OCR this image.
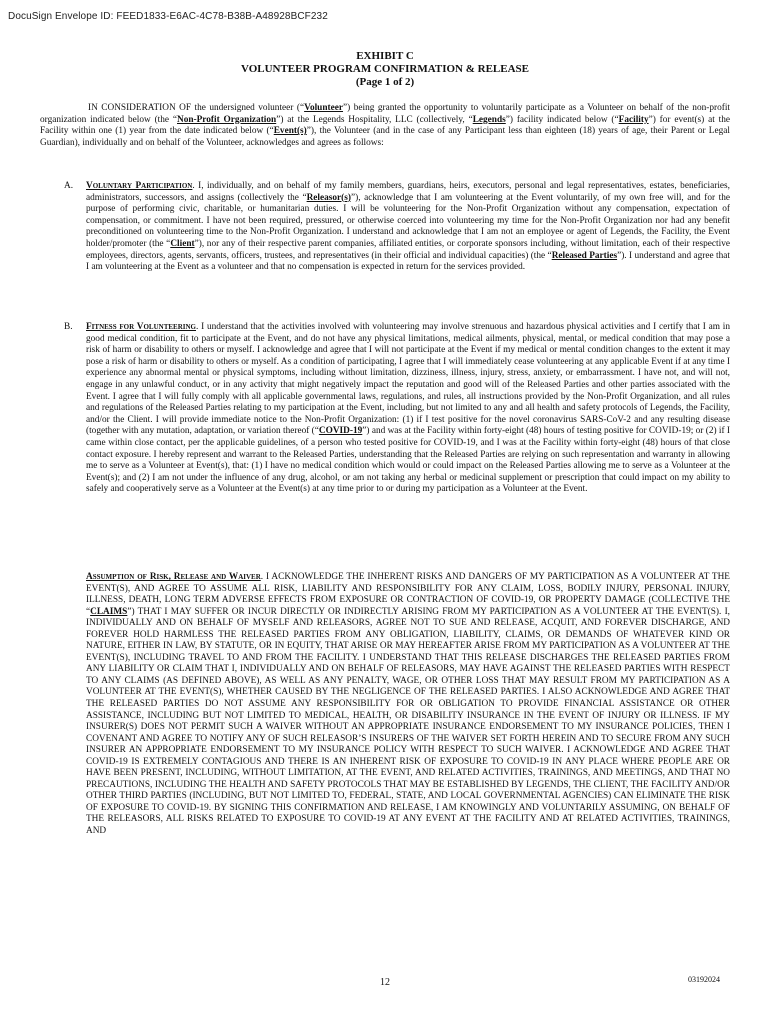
DocuSign Envelope ID: FEED1833-E6AC-4C78-B38B-A48928BCF232
EXHIBIT C
VOLUNTEER PROGRAM CONFIRMATION & RELEASE
(Page 1 of 2)
IN CONSIDERATION OF the undersigned volunteer (“Volunteer”) being granted the opportunity to voluntarily participate as a Volunteer on behalf of the non-profit organization indicated below (the “Non-Profit Organization”) at the Legends Hospitality, LLC (collectively, “Legends”) facility indicated below (“Facility”) for event(s) at the Facility within one (1) year from the date indicated below (“Event(s)”), the Volunteer (and in the case of any Participant less than eighteen (18) years of age, their Parent or Legal Guardian), individually and on behalf of the Volunteer, acknowledges and agrees as follows:
A. Voluntary Participation. I, individually, and on behalf of my family members, guardians, heirs, executors, personal and legal representatives, estates, beneficiaries, administrators, successors, and assigns (collectively the “Releasor(s)”), acknowledge that I am volunteering at the Event voluntarily, of my own free will, and for the purpose of performing civic, charitable, or humanitarian duties. I will be volunteering for the Non-Profit Organization without any compensation, expectation of compensation, or commitment. I have not been required, pressured, or otherwise coerced into volunteering my time for the Non-Profit Organization nor had any benefit preconditioned on volunteering time to the Non-Profit Organization. I understand and acknowledge that I am not an employee or agent of Legends, the Facility, the Event holder/promoter (the “Client”), nor any of their respective parent companies, affiliated entities, or corporate sponsors including, without limitation, each of their respective employees, directors, agents, servants, officers, trustees, and representatives (in their official and individual capacities) (the “Released Parties”). I understand and agree that I am volunteering at the Event as a volunteer and that no compensation is expected in return for the services provided.
B. Fitness for Volunteering. I understand that the activities involved with volunteering may involve strenuous and hazardous physical activities and I certify that I am in good medical condition, fit to participate at the Event, and do not have any physical limitations, medical ailments, physical, mental, or medical condition that may pose a risk of harm or disability to others or myself. I acknowledge and agree that I will not participate at the Event if my medical or mental condition changes to the extent it may pose a risk of harm or disability to others or myself. As a condition of participating, I agree that I will immediately cease volunteering at any applicable Event if at any time I experience any abnormal mental or physical symptoms, including without limitation, dizziness, illness, injury, stress, anxiety, or embarrassment. I have not, and will not, engage in any unlawful conduct, or in any activity that might negatively impact the reputation and good will of the Released Parties and other parties associated with the Event. I agree that I will fully comply with all applicable governmental laws, regulations, and rules, all instructions provided by the Non-Profit Organization, and all rules and regulations of the Released Parties relating to my participation at the Event, including, but not limited to any and all health and safety protocols of Legends, the Facility, and/or the Client. I will provide immediate notice to the Non-Profit Organization: (1) if I test positive for the novel coronavirus SARS-CoV-2 and any resulting disease (together with any mutation, adaptation, or variation thereof (“COVID-19”) and was at the Facility within forty-eight (48) hours of testing positive for COVID-19; or (2) if I came within close contact, per the applicable guidelines, of a person who tested positive for COVID-19, and I was at the Facility within forty-eight (48) hours of that close contact exposure. I hereby represent and warrant to the Released Parties, understanding that the Released Parties are relying on such representation and warranty in allowing me to serve as a Volunteer at Event(s), that: (1) I have no medical condition which would or could impact on the Released Parties allowing me to serve as a Volunteer at the Event(s); and (2) I am not under the influence of any drug, alcohol, or am not taking any herbal or medicinal supplement or prescription that could impact on my ability to safely and cooperatively serve as a Volunteer at the Event(s) at any time prior to or during my participation as a Volunteer at the Event.
Assumption of Risk, Release and Waiver. I ACKNOWLEDGE THE INHERENT RISKS AND DANGERS OF MY PARTICIPATION AS A VOLUNTEER AT THE EVENT(S), AND AGREE TO ASSUME ALL RISK, LIABILITY AND RESPONSIBILITY FOR ANY CLAIM, LOSS, BODILY INJURY, PERSONAL INJURY, ILLNESS, DEATH, LONG TERM ADVERSE EFFECTS FROM EXPOSURE OR CONTRACTION OF COVID-19, OR PROPERTY DAMAGE (COLLECTIVE THE “CLAIMS”) THAT I MAY SUFFER OR INCUR DIRECTLY OR INDIRECTLY ARISING FROM MY PARTICIPATION AS A VOLUNTEER AT THE EVENT(S). I, INDIVIDUALLY AND ON BEHALF OF MYSELF AND RELEASORS, AGREE NOT TO SUE AND RELEASE, ACQUIT, AND FOREVER DISCHARGE, AND FOREVER HOLD HARMLESS THE RELEASED PARTIES FROM ANY OBLIGATION, LIABILITY, CLAIMS, OR DEMANDS OF WHATEVER KIND OR NATURE, EITHER IN LAW, BY STATUTE, OR IN EQUITY, THAT ARISE OR MAY HEREAFTER ARISE FROM MY PARTICIPATION AS A VOLUNTEER AT THE EVENT(S), INCLUDING TRAVEL TO AND FROM THE FACILITY. I UNDERSTAND THAT THIS RELEASE DISCHARGES THE RELEASED PARTIES FROM ANY LIABILITY OR CLAIM THAT I, INDIVIDUALLY AND ON BEHALF OF RELEASORS, MAY HAVE AGAINST THE RELEASED PARTIES WITH RESPECT TO ANY CLAIMS (AS DEFINED ABOVE), AS WELL AS ANY PENALTY, WAGE, OR OTHER LOSS THAT MAY RESULT FROM MY PARTICIPATION AS A VOLUNTEER AT THE EVENT(S), WHETHER CAUSED BY THE NEGLIGENCE OF THE RELEASED PARTIES. I ALSO ACKNOWLEDGE AND AGREE THAT THE RELEASED PARTIES DO NOT ASSUME ANY RESPONSIBILITY FOR OR OBLIGATION TO PROVIDE FINANCIAL ASSISTANCE OR OTHER ASSISTANCE, INCLUDING BUT NOT LIMITED TO MEDICAL, HEALTH, OR DISABILITY INSURANCE IN THE EVENT OF INJURY OR ILLNESS. IF MY INSURER(S) DOES NOT PERMIT SUCH A WAIVER WITHOUT AN APPROPRIATE INSURANCE ENDORSEMENT TO MY INSURANCE POLICIES, THEN I COVENANT AND AGREE TO NOTIFY ANY OF SUCH RELEASOR’S INSURERS OF THE WAIVER SET FORTH HEREIN AND TO SECURE FROM ANY SUCH INSURER AN APPROPRIATE ENDORSEMENT TO MY INSURANCE POLICY WITH RESPECT TO SUCH WAIVER. I ACKNOWLEDGE AND AGREE THAT COVID-19 IS EXTREMELY CONTAGIOUS AND THERE IS AN INHERENT RISK OF EXPOSURE TO COVID-19 IN ANY PLACE WHERE PEOPLE ARE OR HAVE BEEN PRESENT, INCLUDING, WITHOUT LIMITATION, AT THE EVENT, AND RELATED ACTIVITIES, TRAININGS, AND MEETINGS, AND THAT NO PRECAUTIONS, INCLUDING THE HEALTH AND SAFETY PROTOCOLS THAT MAY BE ESTABLISHED BY LEGENDS, THE CLIENT, THE FACILITY AND/OR OTHER THIRD PARTIES (INCLUDING, BUT NOT LIMITED TO, FEDERAL, STATE, AND LOCAL GOVERNMENTAL AGENCIES) CAN ELIMINATE THE RISK OF EXPOSURE TO COVID-19. BY SIGNING THIS CONFIRMATION AND RELEASE, I AM KNOWINGLY AND VOLUNTARILY ASSUMING, ON BEHALF OF THE RELEASORS, ALL RISKS RELATED TO EXPOSURE TO COVID-19 AT ANY EVENT AT THE FACILITY AND AT RELATED ACTIVITIES, TRAININGS, AND
12	03192024
